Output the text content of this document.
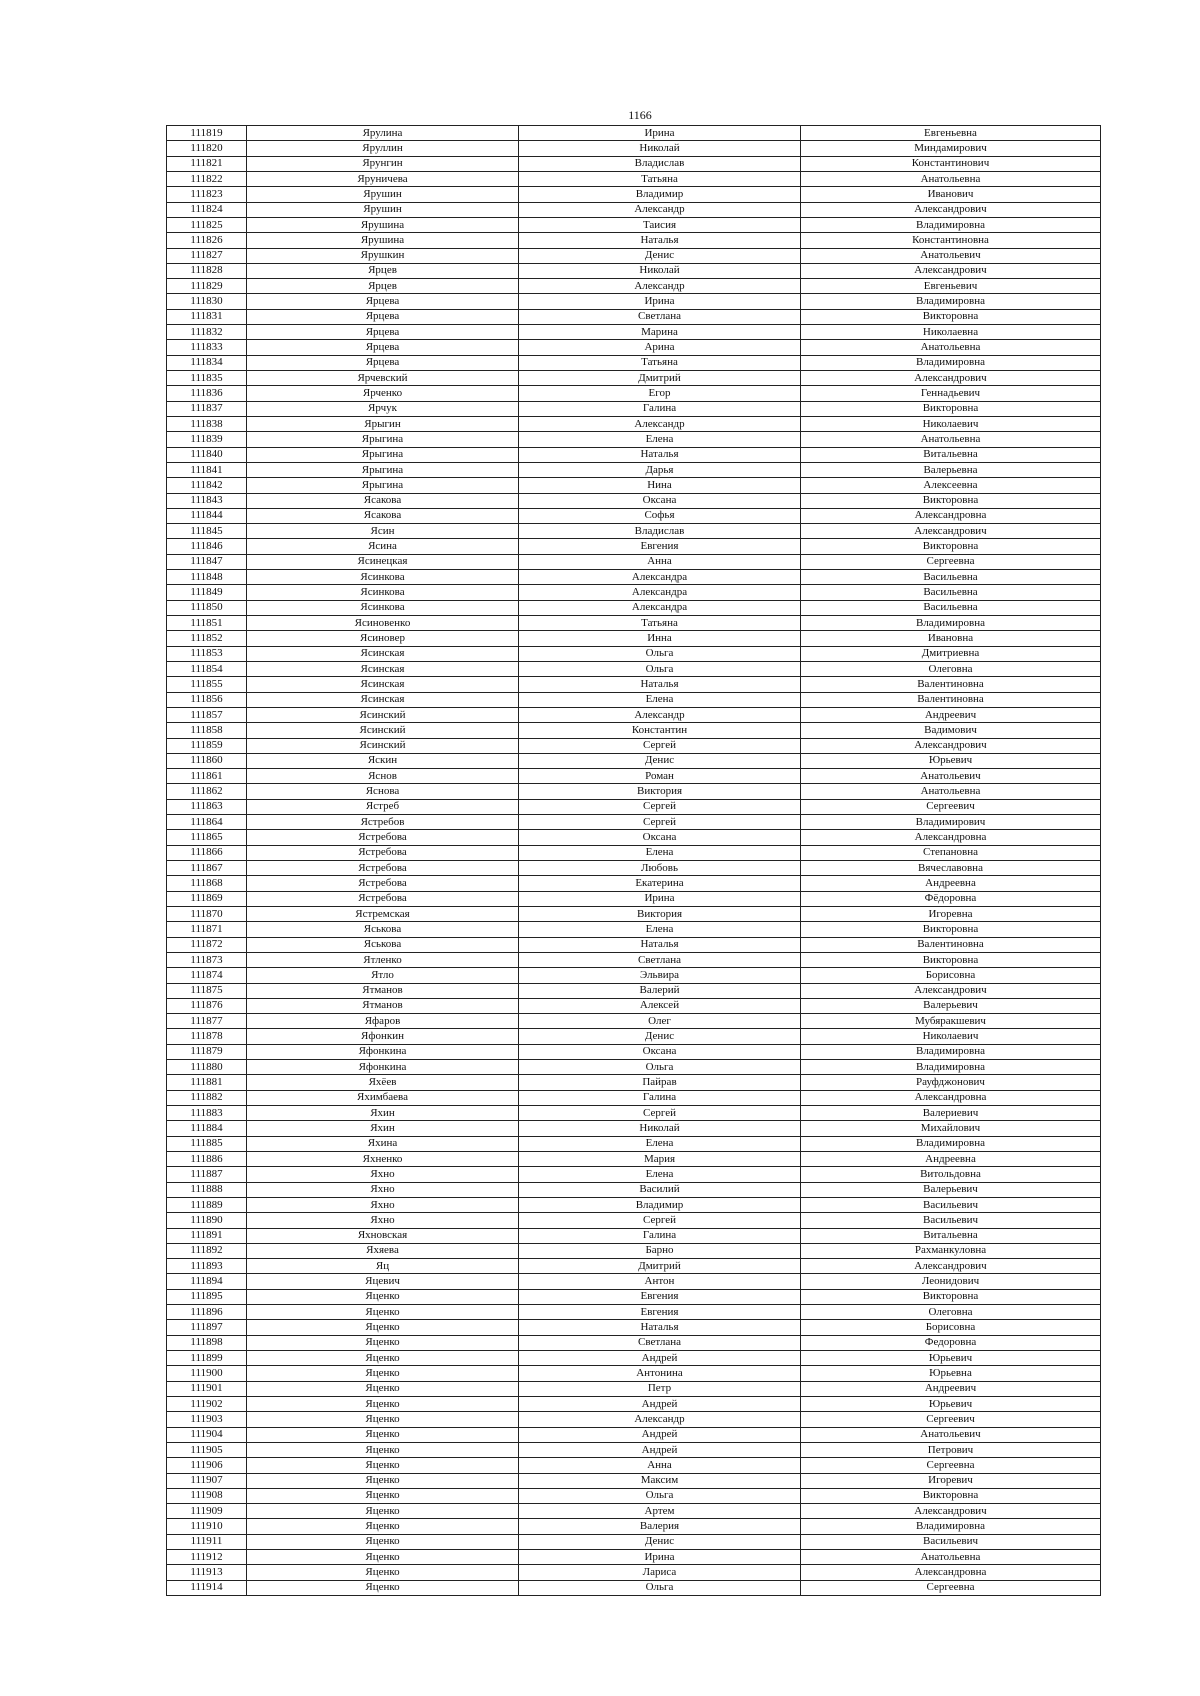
1166
111819	Ярулина	Ирина	Евгеньевна
111820	Яруллин	Николай	Миндамирович
111821	Ярунгин	Владислав	Константинович
111822	Яруничева	Татьяна	Анатольевна
111823	Ярушин	Владимир	Иванович
111824	Ярушин	Александр	Александрович
111825	Ярушина	Таисия	Владимировна
111826	Ярушина	Наталья	Константиновна
111827	Ярушкин	Денис	Анатольевич
111828	Ярцев	Николай	Александрович
111829	Ярцев	Александр	Евгеньевич
111830	Ярцева	Ирина	Владимировна
111831	Ярцева	Светлана	Викторовна
111832	Ярцева	Марина	Николаевна
111833	Ярцева	Арина	Анатольевна
111834	Ярцева	Татьяна	Владимировна
111835	Ярчевский	Дмитрий	Александрович
111836	Ярченко	Егор	Геннадьевич
111837	Ярчук	Галина	Викторовна
111838	Ярыгин	Александр	Николаевич
111839	Ярыгина	Елена	Анатольевна
111840	Ярыгина	Наталья	Витальевна
111841	Ярыгина	Дарья	Валерьевна
111842	Ярыгина	Нина	Алексеевна
111843	Ясакова	Оксана	Викторовна
111844	Ясакова	Софья	Александровна
111845	Ясин	Владислав	Александрович
111846	Ясина	Евгения	Викторовна
111847	Ясинецкая	Анна	Сергеевна
111848	Ясинкова	Александра	Васильевна
111849	Ясинкова	Александра	Васильевна
111850	Ясинкова	Александра	Васильевна
111851	Ясиновенко	Татьяна	Владимировна
111852	Ясиновер	Инна	Ивановна
111853	Ясинская	Ольга	Дмитриевна
111854	Ясинская	Ольга	Олеговна
111855	Ясинская	Наталья	Валентиновна
111856	Ясинская	Елена	Валентиновна
111857	Ясинский	Александр	Андреевич
111858	Ясинский	Константин	Вадимович
111859	Ясинский	Сергей	Александрович
111860	Яскин	Денис	Юрьевич
111861	Яснов	Роман	Анатольевич
111862	Яснова	Виктория	Анатольевна
111863	Ястреб	Сергей	Сергеевич
111864	Ястребов	Сергей	Владимирович
111865	Ястребова	Оксана	Александровна
111866	Ястребова	Елена	Степановна
111867	Ястребова	Любовь	Вячеславовна
111868	Ястребова	Екатерина	Андреевна
111869	Ястребова	Ирина	Фёдоровна
111870	Ястремская	Виктория	Игоревна
111871	Яськова	Елена	Викторовна
111872	Яськова	Наталья	Валентиновна
111873	Ятленко	Светлана	Викторовна
111874	Ятло	Эльвира	Борисовна
111875	Ятманов	Валерий	Александрович
111876	Ятманов	Алексей	Валерьевич
111877	Яфаров	Олег	Мубяракшевич
111878	Яфонкин	Денис	Николаевич
111879	Яфонкина	Оксана	Владимировна
111880	Яфонкина	Ольга	Владимировна
111881	Яхёев	Пайрав	Рауфджонович
111882	Яхимбаева	Галина	Александровна
111883	Яхин	Сергей	Валериевич
111884	Яхин	Николай	Михайлович
111885	Яхина	Елена	Владимировна
111886	Яхненко	Мария	Андреевна
111887	Яхно	Елена	Витольдовна
111888	Яхно	Василий	Валерьевич
111889	Яхно	Владимир	Васильевич
111890	Яхно	Сергей	Васильевич
111891	Яхновская	Галина	Витальевна
111892	Яхяева	Барно	Рахманкуловна
111893	Яц	Дмитрий	Александрович
111894	Яцевич	Антон	Леонидович
111895	Яценко	Евгения	Викторовна
111896	Яценко	Евгения	Олеговна
111897	Яценко	Наталья	Борисовна
111898	Яценко	Светлана	Федоровна
111899	Яценко	Андрей	Юрьевич
111900	Яценко	Антонина	Юрьевна
111901	Яценко	Петр	Андреевич
111902	Яценко	Андрей	Юрьевич
111903	Яценко	Александр	Сергеевич
111904	Яценко	Андрей	Анатольевич
111905	Яценко	Андрей	Петрович
111906	Яценко	Анна	Сергеевна
111907	Яценко	Максим	Игоревич
111908	Яценко	Ольга	Викторовна
111909	Яценко	Артем	Александрович
111910	Яценко	Валерия	Владимировна
111911	Яценко	Денис	Васильевич
111912	Яценко	Ирина	Анатольевна
111913	Яценко	Лариса	Александровна
111914	Яценко	Ольга	Сергеевна
